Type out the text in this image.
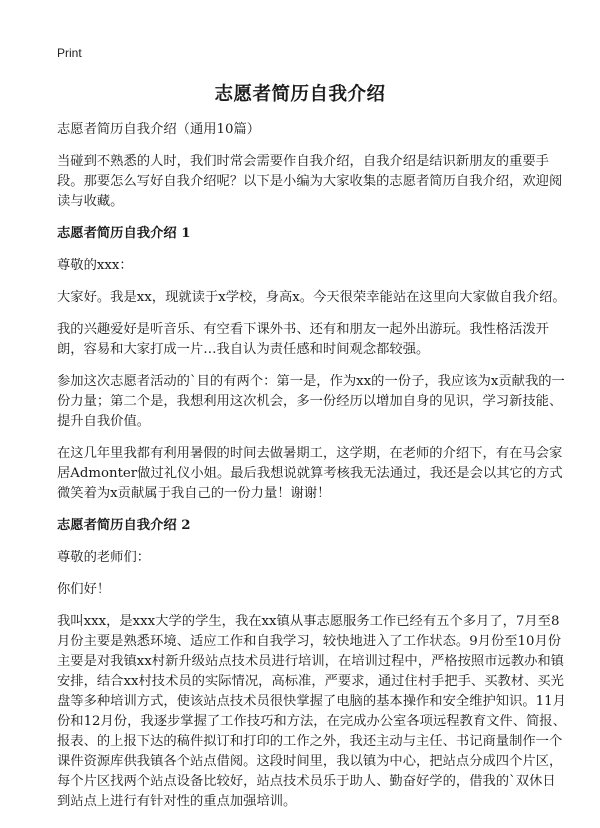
Print
志愿者简历自我介绍

志愿者简历自我介绍（通用10篇）

当碰到不熟悉的人时，我们时常会需要作自我介绍，自我介绍是结识新朋友的重要手段。那要怎么写好自我介绍呢？以下是小编为大家收集的志愿者简历自我介绍，欢迎阅读与收藏。

志愿者简历自我介绍 1

尊敬的xxx：

大家好。我是xx，现就读于x学校，身高x。今天很荣幸能站在这里向大家做自我介绍。

我的兴趣爱好是听音乐、有空看下课外书、还有和朋友一起外出游玩。我性格活泼开朗，容易和大家打成一片…我自认为责任感和时间观念都较强。

参加这次志愿者活动的`目的有两个：第一是，作为xx的一份子，我应该为x贡献我的一份力量；第二个是，我想利用这次机会，多一份经历以增加自身的见识，学习新技能、提升自我价值。

在这几年里我都有利用暑假的时间去做暑期工，这学期，在老师的介绍下，有在马会家居Admonter做过礼仪小姐。最后我想说就算考核我无法通过，我还是会以其它的方式微笑着为x贡献属于我自己的一份力量！谢谢！

志愿者简历自我介绍 2

尊敬的老师们：

你们好！

我叫xxx，是xxx大学的学生，我在xx镇从事志愿服务工作已经有五个多月了，7月至8月份主要是熟悉环境、适应工作和自我学习，较快地进入了工作状态。9月份至10月份主要是对我镇xx村新升级站点技术员进行培训，在培训过程中，严格按照市远教办和镇安排，结合xx村技术员的实际情况，高标准，严要求，通过住村手把手、买教材、买光盘等多种培训方式，使该站点技术员很快掌握了电脑的基本操作和安全维护知识。11月份和12月份，我逐步掌握了工作技巧和方法，在完成办公室各项远程教育文件、简报、报表、的上报下达的稿件拟订和打印的工作之外，我还主动与主任、书记商量制作一个课件资源库供我镇各个站点借阅。这段时间里，我以镇为中心，把站点分成四个片区，每个片区找两个站点设备比较好，站点技术员乐于助人、勤奋好学的，借我的`双休日到站点上进行有针对性的重点加强培训。
